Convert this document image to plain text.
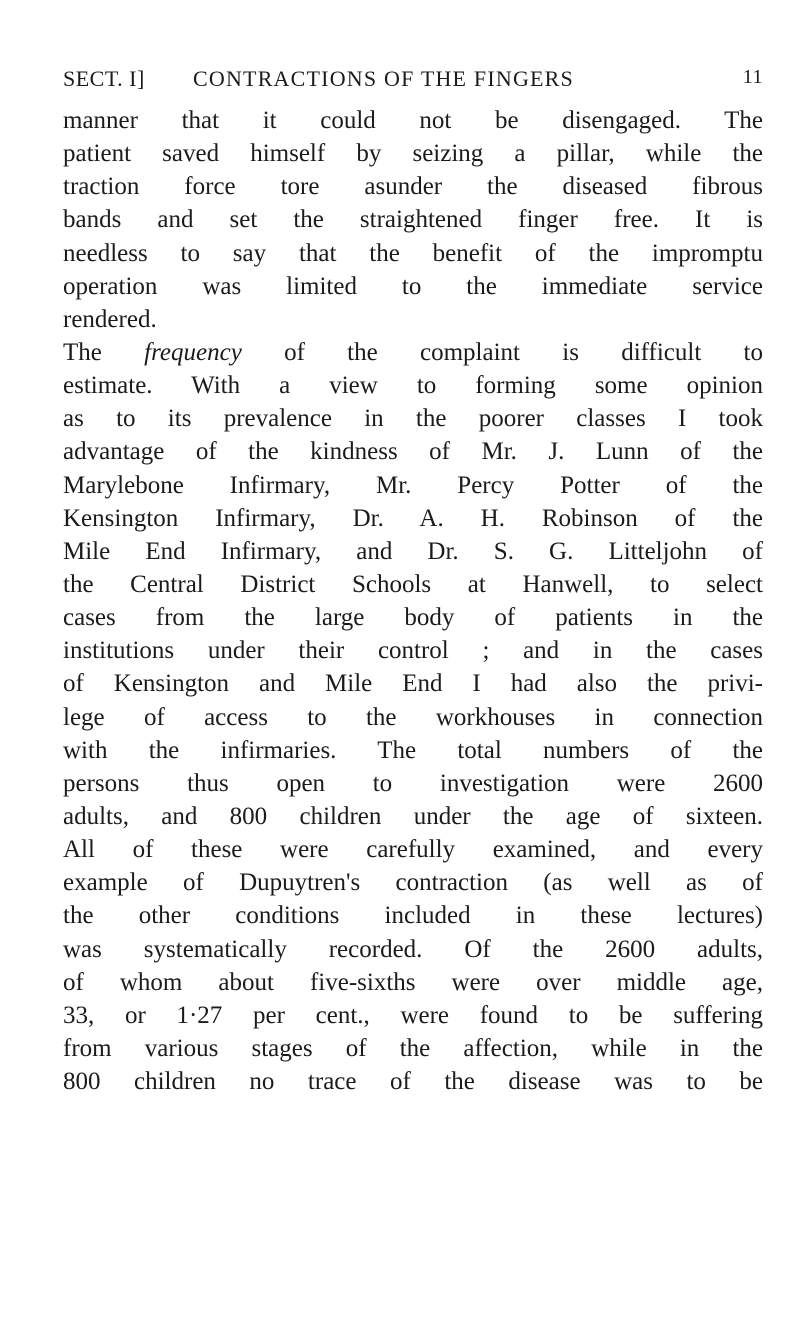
SECT. I] CONTRACTIONS OF THE FINGERS	11
manner that it could not be disengaged. The
patient saved himself by seizing a pillar, while the
traction force tore asunder the diseased fibrous
bands and set the straightened finger free. It is
needless to say that the benefit of the impromptu
operation was limited to the immediate service
rendered.
The frequency of the complaint is difficult to
estimate. With a view to forming some opinion
as to its prevalence in the poorer classes I took
advantage of the kindness of Mr. J. Lunn of the
Marylebone Infirmary, Mr. Percy Potter of the
Kensington Infirmary, Dr. A. H. Robinson of the
Mile End Infirmary, and Dr. S. G. Litteljohn of
the Central District Schools at Hanwell, to select
cases from the large body of patients in the
institutions under their control ; and in the cases
of Kensington and Mile End I had also the privi-
lege of access to the workhouses in connection
with the infirmaries. The total numbers of the
persons thus open to investigation were 2600
adults, and 800 children under the age of sixteen.
All of these were carefully examined, and every
example of Dupuytren's contraction (as well as of
the other conditions included in these lectures)
was systematically recorded. Of the 2600 adults,
of whom about five-sixths were over middle age,
33, or 1·27 per cent., were found to be suffering
from various stages of the affection, while in the
800 children no trace of the disease was to be
